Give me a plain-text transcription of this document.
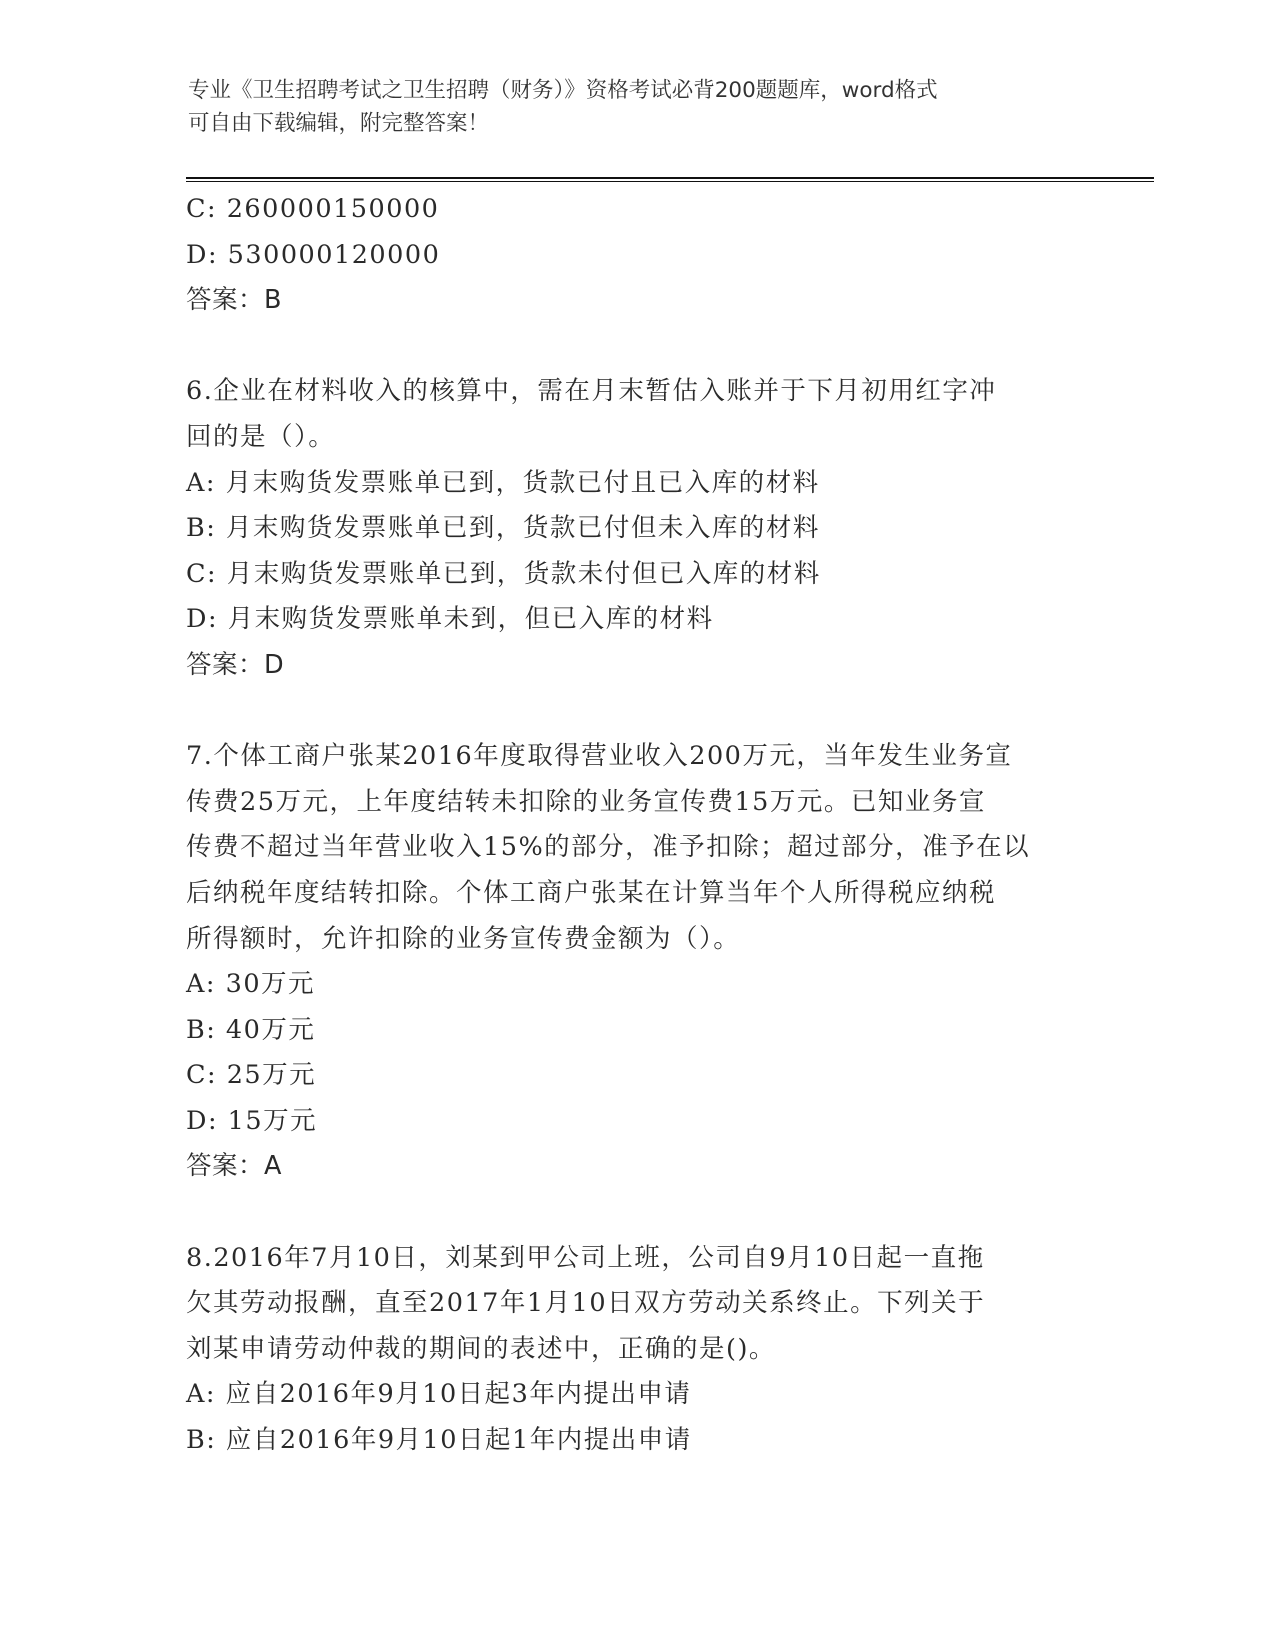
专业《卫生招聘考试之卫生招聘（财务）》资格考试必背200题题库，word格式
可自由下载编辑，附完整答案！
C: 260000150000
D: 530000120000
答案：B
6.企业在材料收入的核算中，需在月末暂估入账并于下月初用红字冲
回的是（）。
A: 月末购货发票账单已到，货款已付且已入库的材料
B: 月末购货发票账单已到，货款已付但未入库的材料
C: 月末购货发票账单已到，货款未付但已入库的材料
D: 月末购货发票账单未到，但已入库的材料
答案：D
7.个体工商户张某2016年度取得营业收入200万元，当年发生业务宣
传费25万元，上年度结转未扣除的业务宣传费15万元。已知业务宣
传费不超过当年营业收入15%的部分，准予扣除；超过部分，准予在以
后纳税年度结转扣除。个体工商户张某在计算当年个人所得税应纳税
所得额时，允许扣除的业务宣传费金额为（）。
A: 30万元
B: 40万元
C: 25万元
D: 15万元
答案：A
8.2016年7月10日，刘某到甲公司上班，公司自9月10日起一直拖
欠其劳动报酬，直至2017年1月10日双方劳动关系终止。下列关于
刘某申请劳动仲裁的期间的表述中，正确的是()。
A: 应自2016年9月10日起3年内提出申请
B: 应自2016年9月10日起1年内提出申请
